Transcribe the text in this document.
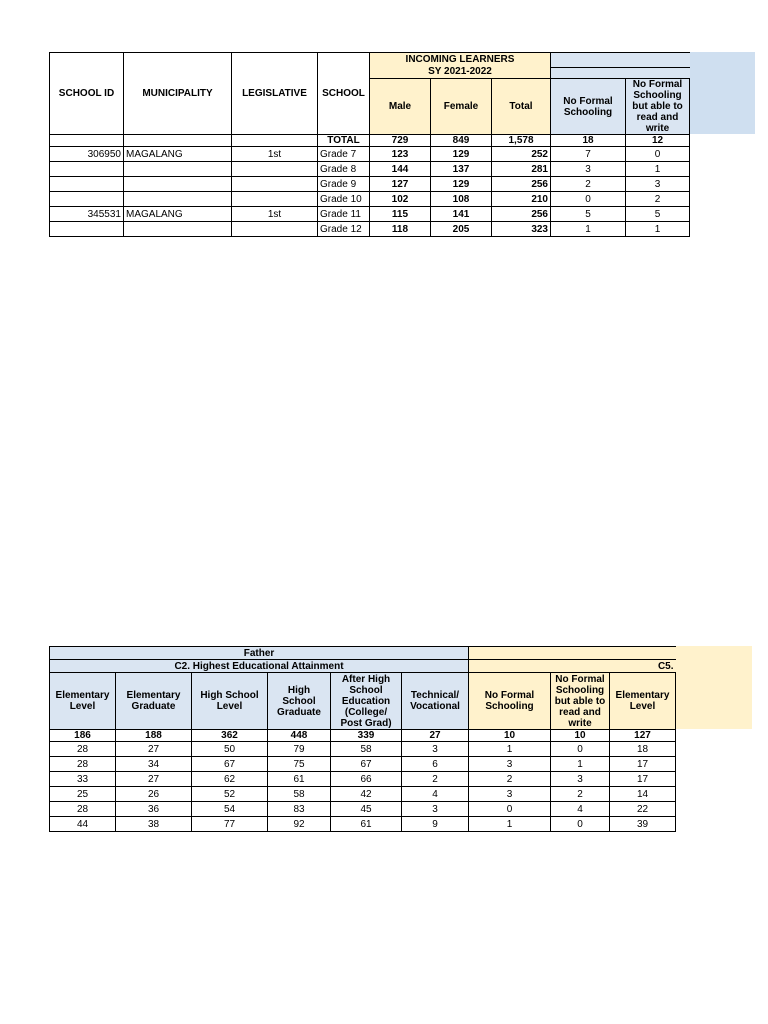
SCHOOL ID	MUNICIPALITY	LEGISLATIVE	SCHOOL	INCOMING LEARNERS
SY 2021-2022				

				Male	Female	Total	No Formal Schooling	No Formal Schooling but able to read and write
			TOTAL	729	849	1,578	18	12
306950	MAGALANG	1st	Grade 7	123	129	252	7	0
			Grade 8	144	137	281	3	1
			Grade 9	127	129	256	2	3
			Grade 10	102	108	210	0	2
345531	MAGALANG	1st	Grade 11	115	141	256	5	5
			Grade 12	118	205	323	1	1
Father								
C2. Highest Educational Attainment						C5.		
Elementary Level	Elementary Graduate	High School Level	High School Graduate	After High School Education (College/ Post Grad)	Technical/ Vocational	No Formal Schooling	No Formal Schooling but able to read and write	Elementary Level
186	188	362	448	339	27	10	10	127
28	27	50	79	58	3	1	0	18
28	34	67	75	67	6	3	1	17
33	27	62	61	66	2	2	3	17
25	26	52	58	42	4	3	2	14
28	36	54	83	45	3	0	4	22
44	38	77	92	61	9	1	0	39
